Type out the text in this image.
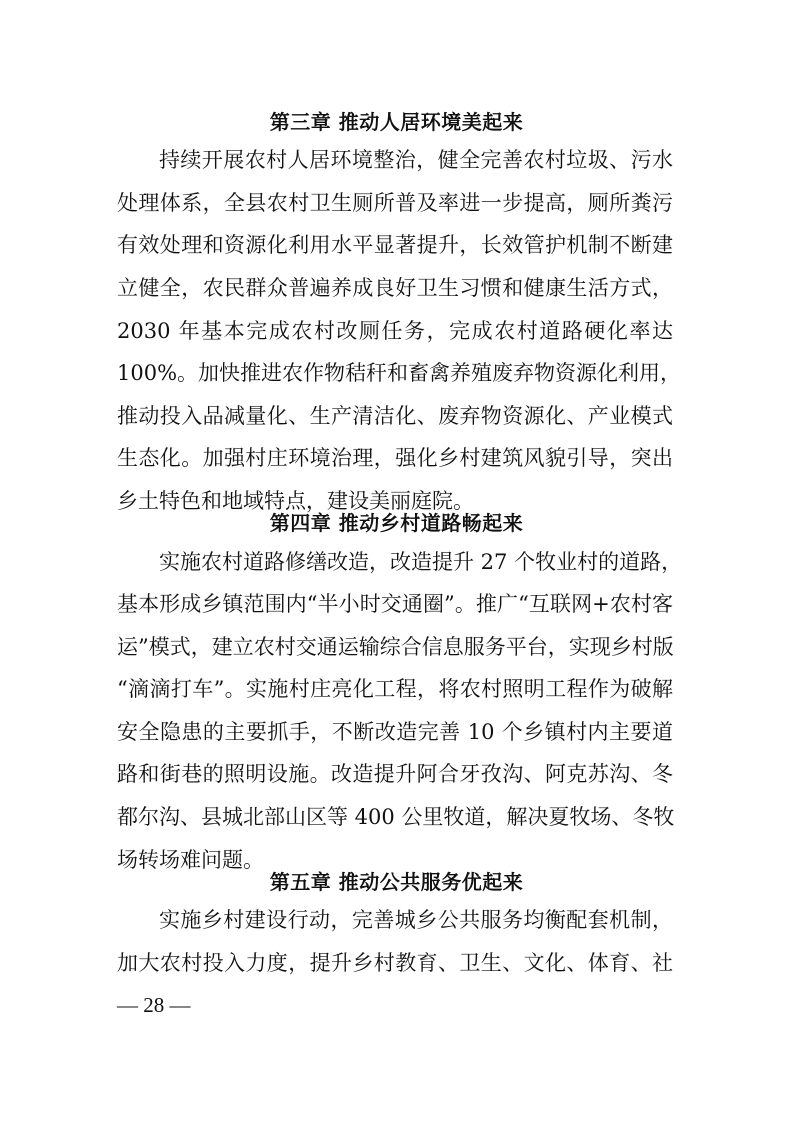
第三章 推动人居环境美起来
持续开展农村人居环境整治，健全完善农村垃圾、污水
处理体系，全县农村卫生厕所普及率进一步提高，厕所粪污
有效处理和资源化利用水平显著提升，长效管护机制不断建
立健全，农民群众普遍养成良好卫生习惯和健康生活方式，
2030 年基本完成农村改厕任务，完成农村道路硬化率达
100%。加快推进农作物秸秆和畜禽养殖废弃物资源化利用，
推动投入品减量化、生产清洁化、废弃物资源化、产业模式
生态化。加强村庄环境治理，强化乡村建筑风貌引导，突出
乡土特色和地域特点，建设美丽庭院。
第四章 推动乡村道路畅起来
实施农村道路修缮改造，改造提升 27 个牧业村的道路，
基本形成乡镇范围内“半小时交通圈”。推广“互联网+农村客
运”模式，建立农村交通运输综合信息服务平台，实现乡村版
“滴滴打车”。实施村庄亮化工程，将农村照明工程作为破解
安全隐患的主要抓手，不断改造完善 10 个乡镇村内主要道
路和街巷的照明设施。改造提升阿合牙孜沟、阿克苏沟、冬
都尔沟、县城北部山区等 400 公里牧道，解决夏牧场、冬牧
场转场难问题。
第五章 推动公共服务优起来
实施乡村建设行动，完善城乡公共服务均衡配套机制，
加大农村投入力度，提升乡村教育、卫生、文化、体育、社
— 28 —
